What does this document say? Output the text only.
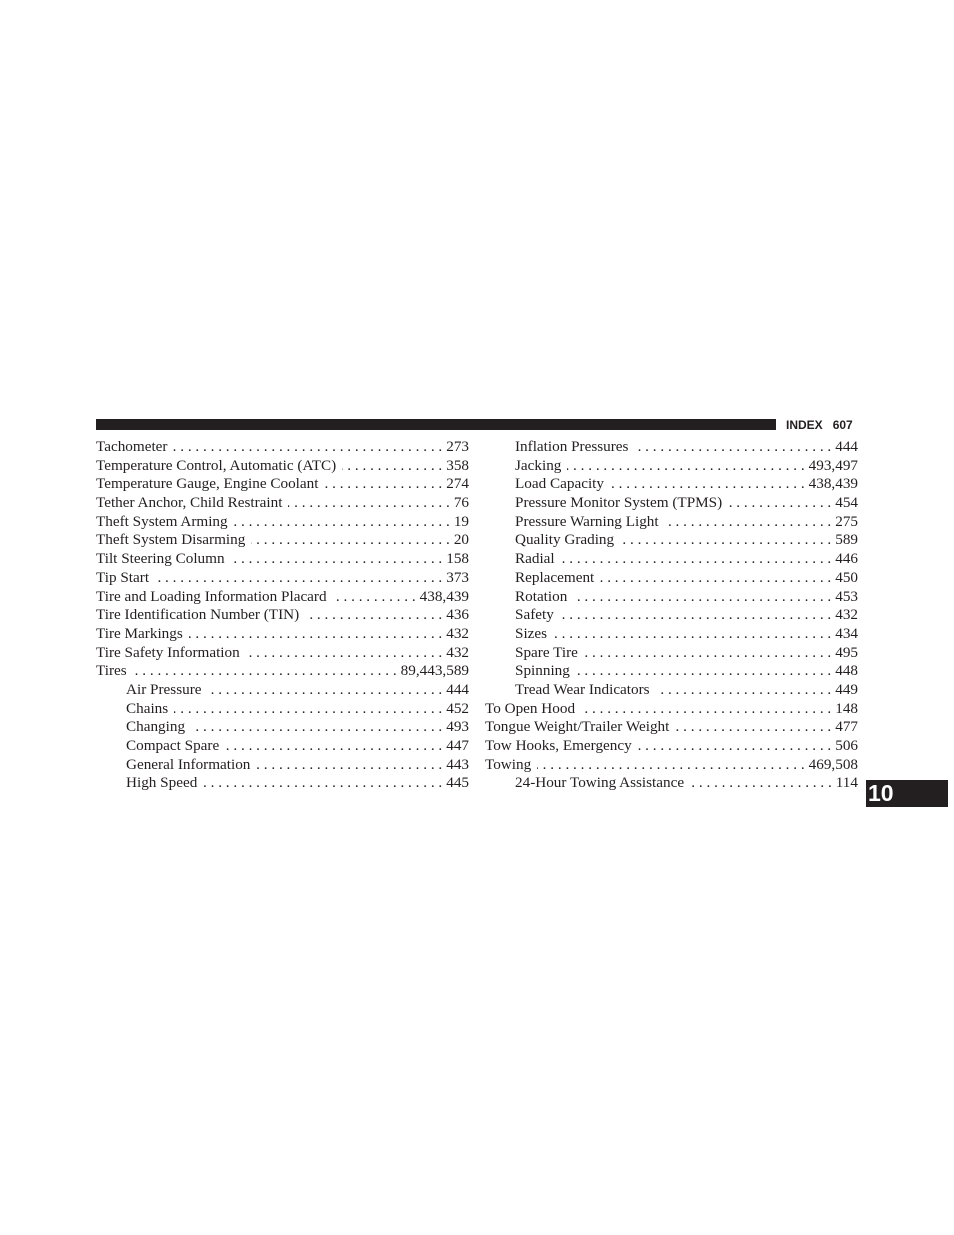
INDEX 607
Tachometer . . .	273
Temperature Control, Automatic (ATC) . . .	358
Temperature Gauge, Engine Coolant . . .	274
Tether Anchor, Child Restraint . . .	76
Theft System Arming . . .	19
Theft System Disarming . . .	20
Tilt Steering Column . . .	158
Tip Start . . .	373
Tire and Loading Information Placard . . .	438,439
Tire Identification Number (TIN) . . .	436
Tire Markings . . .	432
Tire Safety Information . . .	432
Tires . . .	89,443,589
Air Pressure . . .	444
Chains . . .	452
Changing . . .	493
Compact Spare . . .	447
General Information . . .	443
High Speed . . .	445
Inflation Pressures . . .	444
Jacking . . .	493,497
Load Capacity . . .	438,439
Pressure Monitor System (TPMS) . . .	454
Pressure Warning Light . . .	275
Quality Grading . . .	589
Radial . . .	446
Replacement . . .	450
Rotation . . .	453
Safety . . .	432
Sizes . . .	434
Spare Tire . . .	495
Spinning . . .	448
Tread Wear Indicators . . .	449
To Open Hood . . .	148
Tongue Weight/Trailer Weight . . .	477
Tow Hooks, Emergency . . .	506
Towing . . .	469,508
24-Hour Towing Assistance . . .	114 10
